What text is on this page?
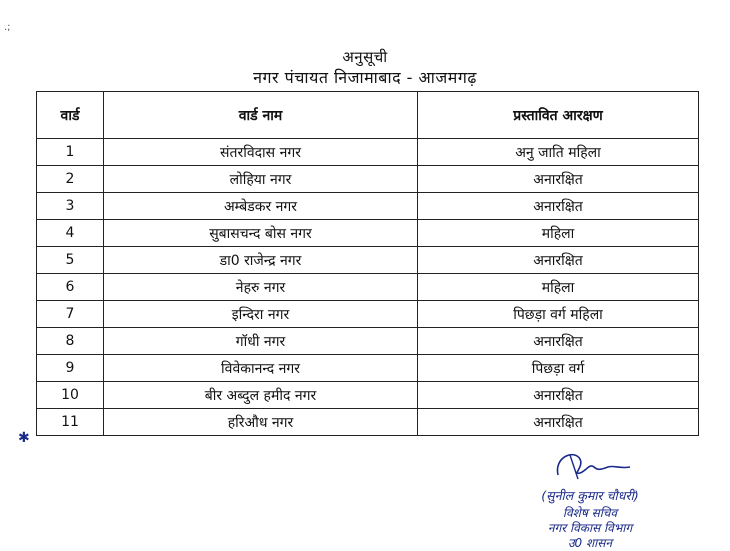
.;
अनुसूची
नगर पंचायत निजामाबाद - आजमगढ़
वार्ड	वार्ड नाम	प्रस्तावित आरक्षण
1	संतरविदास नगर	अनु जाति महिला
2	लोहिया नगर	अनारक्षित
3	अम्बेडकर नगर	अनारक्षित
4	सुबासचन्द बोस नगर	महिला
5	डा0 राजेन्द्र नगर	अनारक्षित
6	नेहरु नगर	महिला
7	इन्दिरा नगर	पिछड़ा वर्ग महिला
8	गॉधी नगर	अनारक्षित
9	विवेकानन्द नगर	पिछड़ा वर्ग
10	बीर अब्दुल हमीद नगर	अनारक्षित
11	हरिऔध नगर	अनारक्षित
✱
(सुनील कुमार चौधरी)
विशेष सचिव
नगर विकास विभाग
उ0 शासन
